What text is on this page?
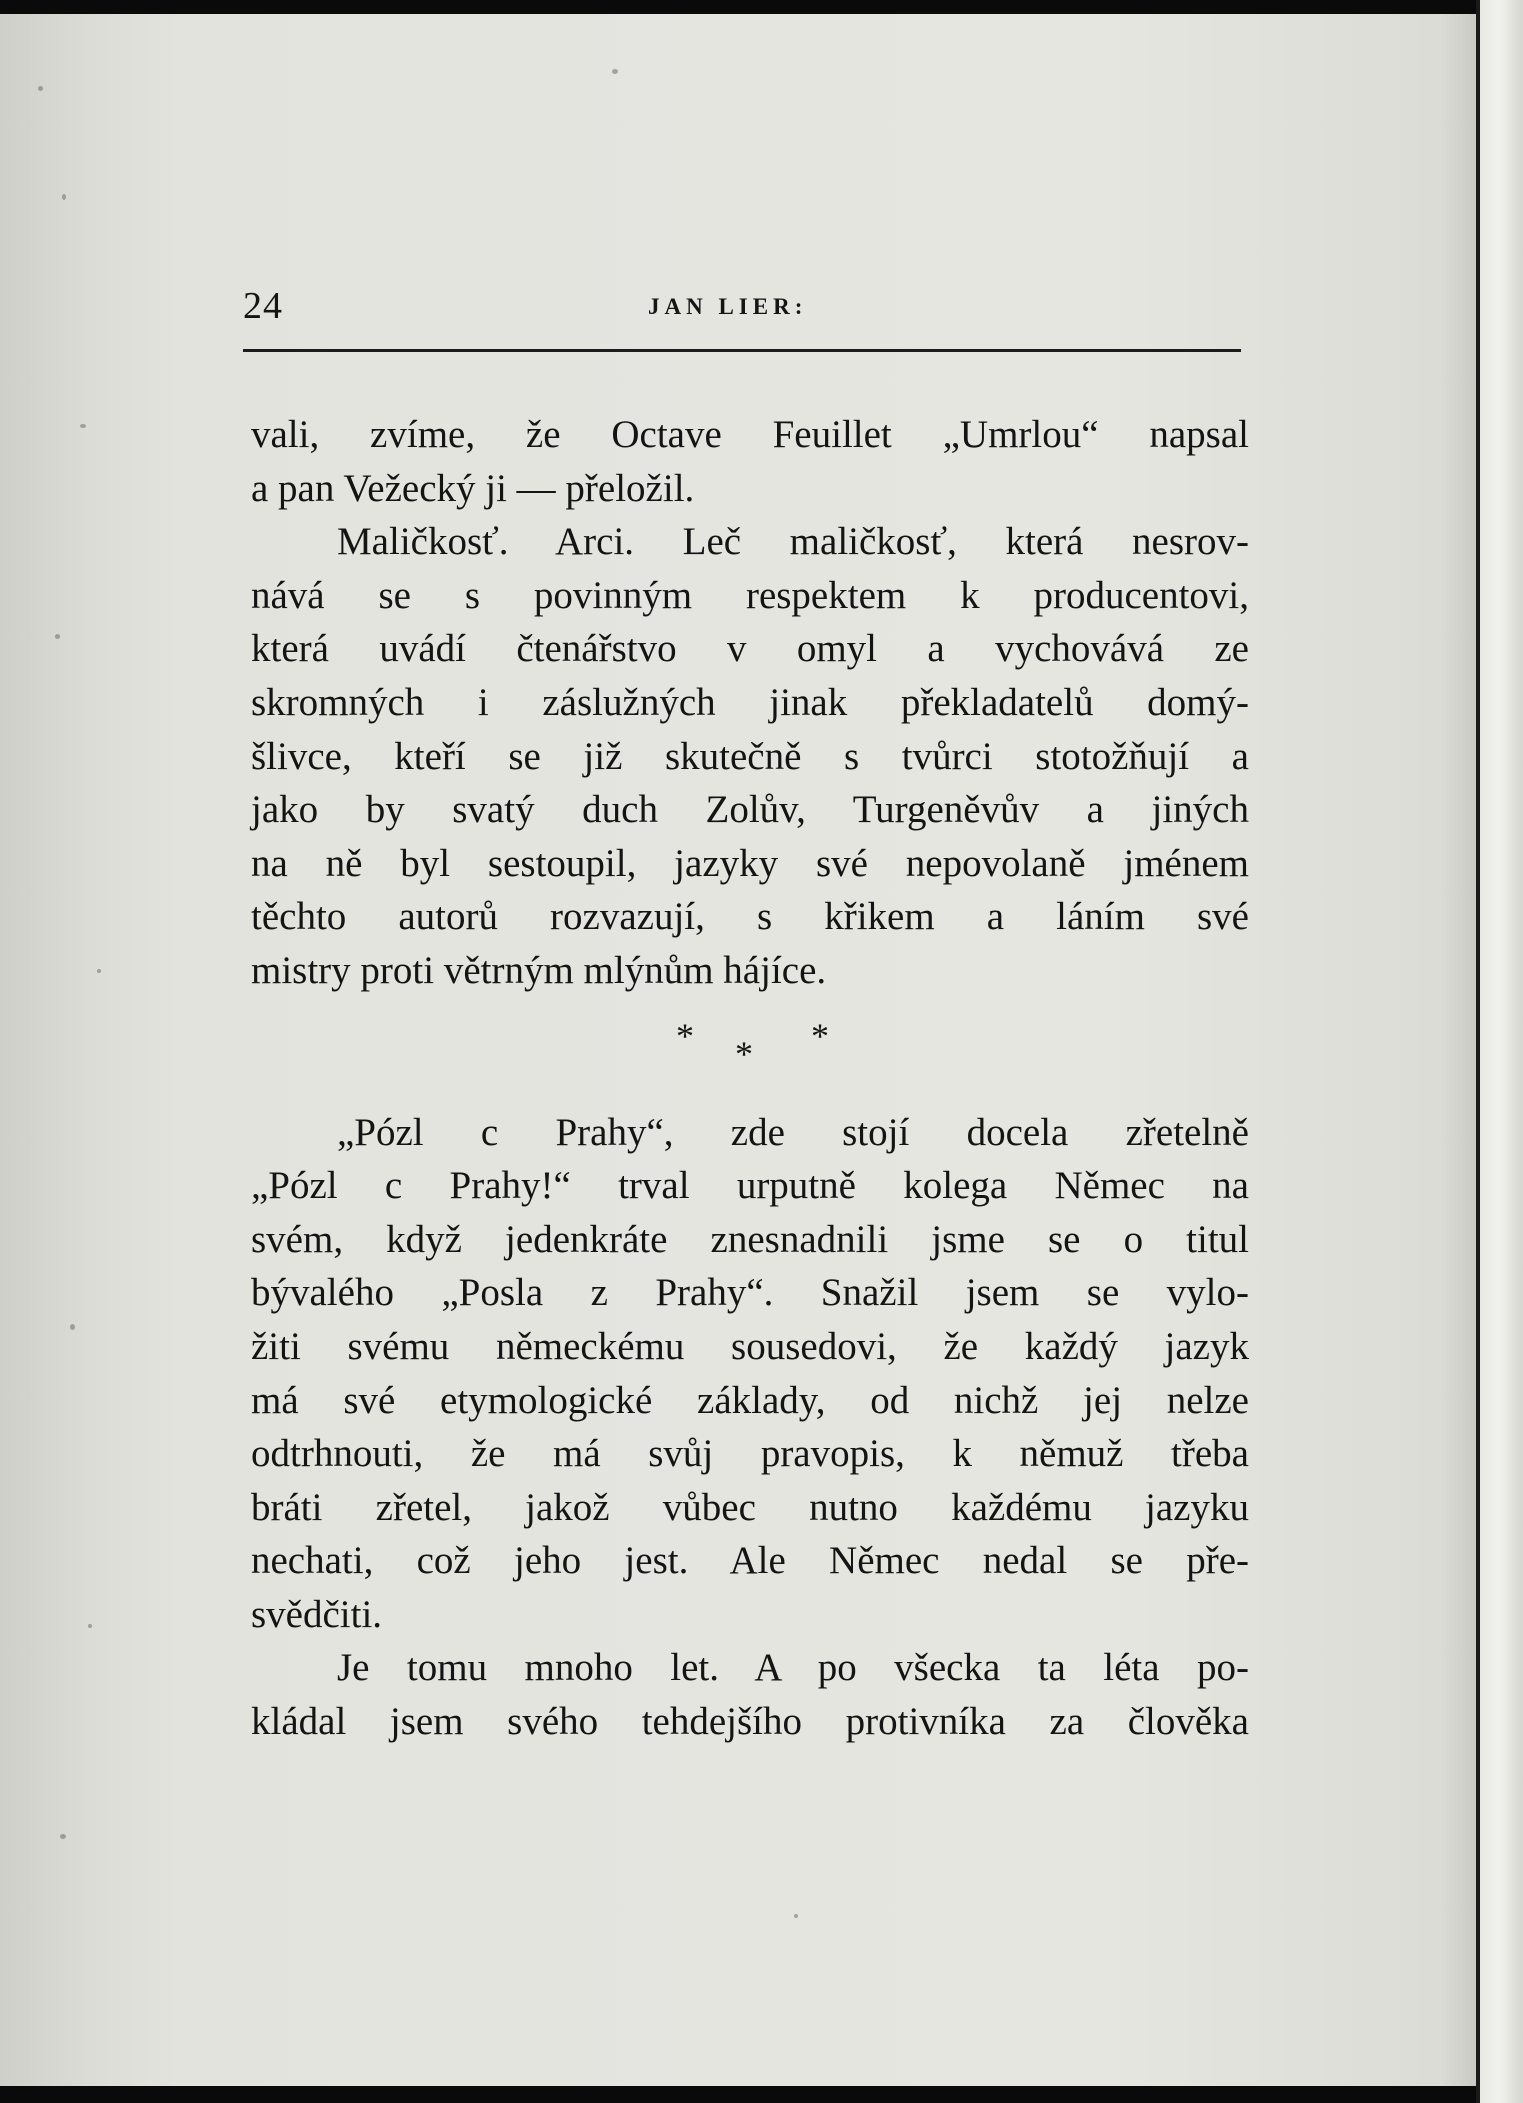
24	JAN LIER:
vali, zvíme, že Octave Feuillet „Umrlou“ napsal
a pan Vežecký ji — přeložil.
Maličkosť. Arci. Leč maličkosť, která nesrov-
nává se s povinným respektem k producentovi,
která uvádí čtenářstvo v omyl a vychovává ze
skromných i záslužných jinak překladatelů domý-
šlivce, kteří se již skutečně s tvůrci stotožňují a
jako by svatý duch Zolův, Turgeněvův a jiných
na ně byl sestoupil, jazyky své nepovolaně jménem
těchto autorů rozvazují, s křikem a láním své
mistry proti větrným mlýnům hájíce.
* * *
„Pózl c Prahy“, zde stojí docela zřetelně
„Pózl c Prahy!“ trval urputně kolega Němec na
svém, když jedenkráte znesnadnili jsme se o titul
bývalého „Posla z Prahy“. Snažil jsem se vylo-
žiti svému německému sousedovi, že každý jazyk
má své etymologické základy, od nichž jej nelze
odtrhnouti, že má svůj pravopis, k němuž třeba
bráti zřetel, jakož vůbec nutno každému jazyku
nechati, což jeho jest. Ale Němec nedal se pře-
svědčiti.
Je tomu mnoho let. A po všecka ta léta po-
kládal jsem svého tehdejšího protivníka za člověka
